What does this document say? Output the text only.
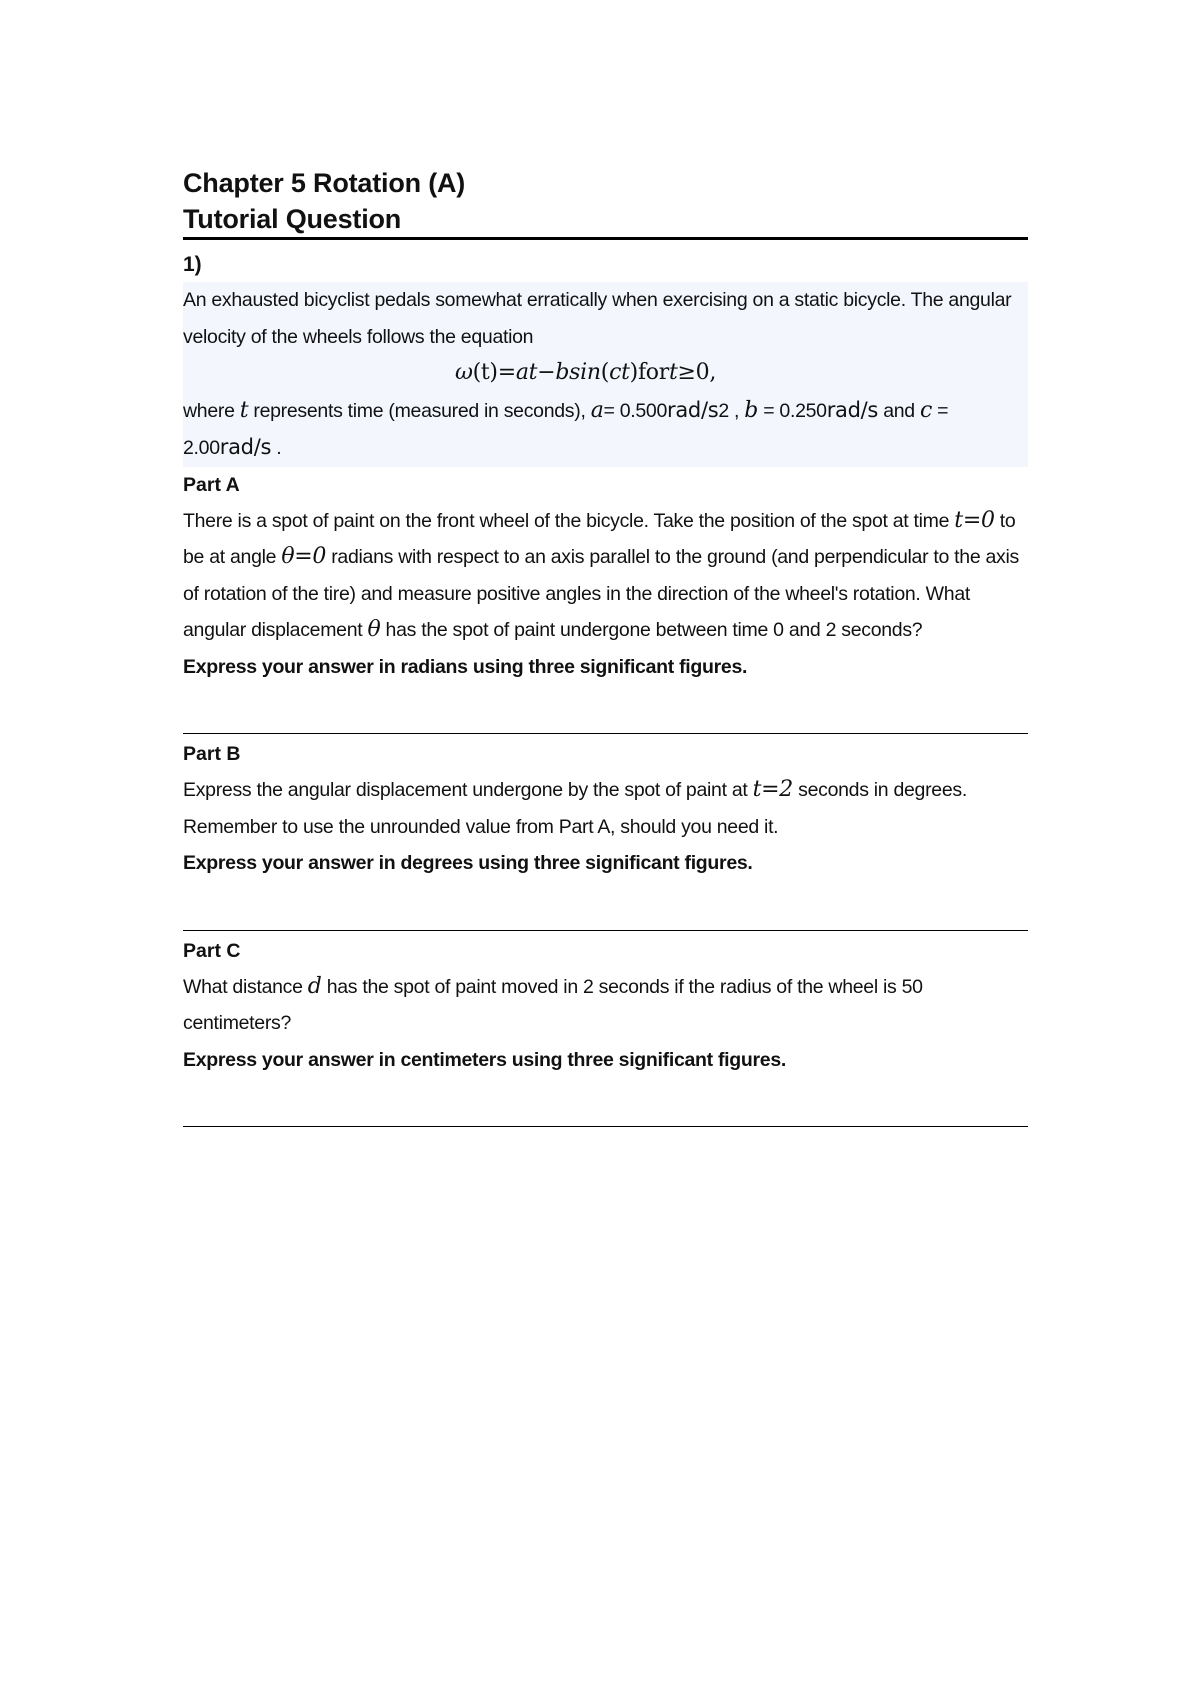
Chapter 5 Rotation (A)
Tutorial Question
1)
An exhausted bicyclist pedals somewhat erratically when exercising on a static bicycle. The angular velocity of the wheels follows the equation
ω(t)=at−bsin(ct)fort≥0,
where t represents time (measured in seconds), a= 0.500rad/s2 , b = 0.250rad/s and c = 2.00rad/s .
Part A
There is a spot of paint on the front wheel of the bicycle. Take the position of the spot at time t=0 to be at angle θ=0 radians with respect to an axis parallel to the ground (and perpendicular to the axis of rotation of the tire) and measure positive angles in the direction of the wheel's rotation. What angular displacement θ has the spot of paint undergone between time 0 and 2 seconds?
Express your answer in radians using three significant figures.
Part B
Express the angular displacement undergone by the spot of paint at t=2 seconds in degrees. Remember to use the unrounded value from Part A, should you need it.
Express your answer in degrees using three significant figures.
Part C
What distance d has the spot of paint moved in 2 seconds if the radius of the wheel is 50 centimeters?
Express your answer in centimeters using three significant figures.
